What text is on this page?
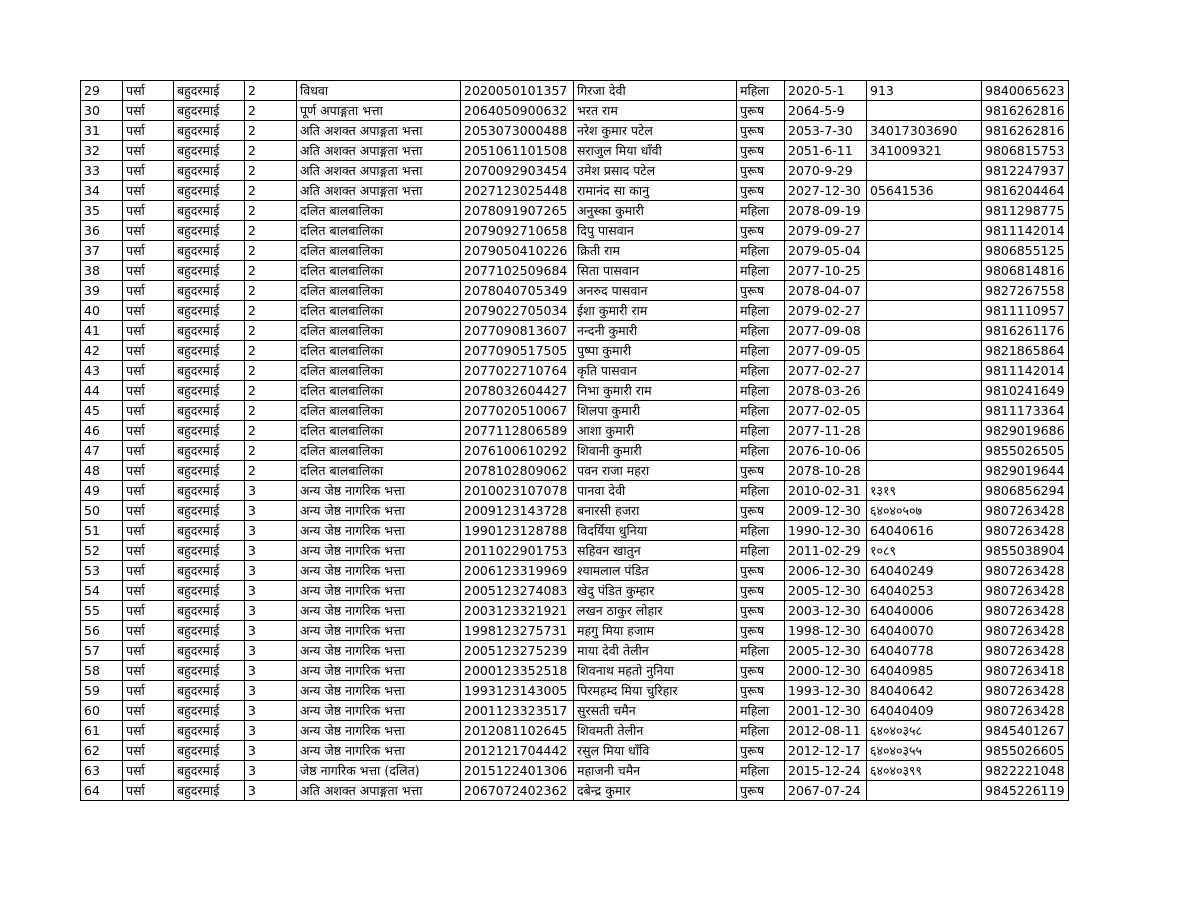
29	पर्सा	बहुदरमाई	2	विधवा	2020050101357	गिरजा देवी	महिला	2020-5-1	913	9840065623
30	पर्सा	बहुदरमाई	2	पूर्ण अपाङ्गता भत्ता	2064050900632	भरत राम	पुरूष	2064-5-9		9816262816
31	पर्सा	बहुदरमाई	2	अति अशक्त अपाङ्गता भत्ता	2053073000488	नरेश कुमार पटेल	पुरूष	2053-7-30	34017303690	9816262816
32	पर्सा	बहुदरमाई	2	अति अशक्त अपाङ्गता भत्ता	2051061101508	सराजुल मिया धाँवी	पुरूष	2051-6-11	341009321	9806815753
33	पर्सा	बहुदरमाई	2	अति अशक्त अपाङ्गता भत्ता	2070092903454	उमेश प्रसाद पटेल	पुरूष	2070-9-29		9812247937
34	पर्सा	बहुदरमाई	2	अति अशक्त अपाङ्गता भत्ता	2027123025448	रामानंद सा कानु	पुरूष	2027-12-30	05641536	9816204464
35	पर्सा	बहुदरमाई	2	दलित बालबालिका	2078091907265	अनुस्का कुमारी	महिला	2078-09-19		9811298775
36	पर्सा	बहुदरमाई	2	दलित बालबालिका	2079092710658	दिपु पासवान	पुरूष	2079-09-27		9811142014
37	पर्सा	बहुदरमाई	2	दलित बालबालिका	2079050410226	क्रिती राम	महिला	2079-05-04		9806855125
38	पर्सा	बहुदरमाई	2	दलित बालबालिका	2077102509684	सिता पासवान	महिला	2077-10-25		9806814816
39	पर्सा	बहुदरमाई	2	दलित बालबालिका	2078040705349	अनरुद पासवान	पुरूष	2078-04-07		9827267558
40	पर्सा	बहुदरमाई	2	दलित बालबालिका	2079022705034	ईशा कुमारी राम	महिला	2079-02-27		9811110957
41	पर्सा	बहुदरमाई	2	दलित बालबालिका	2077090813607	नन्दनी कुमारी	महिला	2077-09-08		9816261176
42	पर्सा	बहुदरमाई	2	दलित बालबालिका	2077090517505	पुष्पा कुमारी	महिला	2077-09-05		9821865864
43	पर्सा	बहुदरमाई	2	दलित बालबालिका	2077022710764	कृति पासवान	महिला	2077-02-27		9811142014
44	पर्सा	बहुदरमाई	2	दलित बालबालिका	2078032604427	निभा कुमारी राम	महिला	2078-03-26		9810241649
45	पर्सा	बहुदरमाई	2	दलित बालबालिका	2077020510067	शिलपा कुमारी	महिला	2077-02-05		9811173364
46	पर्सा	बहुदरमाई	2	दलित बालबालिका	2077112806589	आशा कुमारी	महिला	2077-11-28		9829019686
47	पर्सा	बहुदरमाई	2	दलित बालबालिका	2076100610292	शिवानी कुमारी	महिला	2076-10-06		9855026505
48	पर्सा	बहुदरमाई	2	दलित बालबालिका	2078102809062	पवन राजा महरा	पुरूष	2078-10-28		9829019644
49	पर्सा	बहुदरमाई	3	अन्य जेष्ठ नागरिक भत्ता	2010023107078	पानवा देवी	महिला	2010-02-31	१३१९	9806856294
50	पर्सा	बहुदरमाई	3	अन्य जेष्ठ नागरिक भत्ता	2009123143728	बनारसी हजरा	पुरूष	2009-12-30	६४०४०५०७	9807263428
51	पर्सा	बहुदरमाई	3	अन्य जेष्ठ नागरिक भत्ता	1990123128788	विदर्यिया धुनिया	महिला	1990-12-30	64040616	9807263428
52	पर्सा	बहुदरमाई	3	अन्य जेष्ठ नागरिक भत्ता	2011022901753	सहिवन खातुन	महिला	2011-02-29	१०८९	9855038904
53	पर्सा	बहुदरमाई	3	अन्य जेष्ठ नागरिक भत्ता	2006123319969	श्यामलाल पंडित	पुरूष	2006-12-30	64040249	9807263428
54	पर्सा	बहुदरमाई	3	अन्य जेष्ठ नागरिक भत्ता	2005123274083	खेदु पंडित कुम्हार	पुरूष	2005-12-30	64040253	9807263428
55	पर्सा	बहुदरमाई	3	अन्य जेष्ठ नागरिक भत्ता	2003123321921	लखन ठाकुर लोहार	पुरूष	2003-12-30	64040006	9807263428
56	पर्सा	बहुदरमाई	3	अन्य जेष्ठ नागरिक भत्ता	1998123275731	महगु मिया हजाम	पुरूष	1998-12-30	64040070	9807263428
57	पर्सा	बहुदरमाई	3	अन्य जेष्ठ नागरिक भत्ता	2005123275239	माया देवी तेलीन	महिला	2005-12-30	64040778	9807263428
58	पर्सा	बहुदरमाई	3	अन्य जेष्ठ नागरिक भत्ता	2000123352518	शिवनाथ महतो नुनिया	पुरूष	2000-12-30	64040985	9807263418
59	पर्सा	बहुदरमाई	3	अन्य जेष्ठ नागरिक भत्ता	1993123143005	पिरमहम्द मिया चुरिहार	पुरूष	1993-12-30	84040642	9807263428
60	पर्सा	बहुदरमाई	3	अन्य जेष्ठ नागरिक भत्ता	2001123323517	सुरसती चमैन	महिला	2001-12-30	64040409	9807263428
61	पर्सा	बहुदरमाई	3	अन्य जेष्ठ नागरिक भत्ता	2012081102645	शिवमती तेलीन	महिला	2012-08-11	६४०४०३५८	9845401267
62	पर्सा	बहुदरमाई	3	अन्य जेष्ठ नागरिक भत्ता	2012121704442	रसुल मिया धाँवि	पुरूष	2012-12-17	६४०४०३५५	9855026605
63	पर्सा	बहुदरमाई	3	जेष्ठ नागरिक भत्ता (दलित)	2015122401306	महाजनी चमैन	महिला	2015-12-24	६४०४०३९९	9822221048
64	पर्सा	बहुदरमाई	3	अति अशक्त अपाङ्गता भत्ता	2067072402362	दबेन्द्र कुमार	पुरूष	2067-07-24		9845226119
